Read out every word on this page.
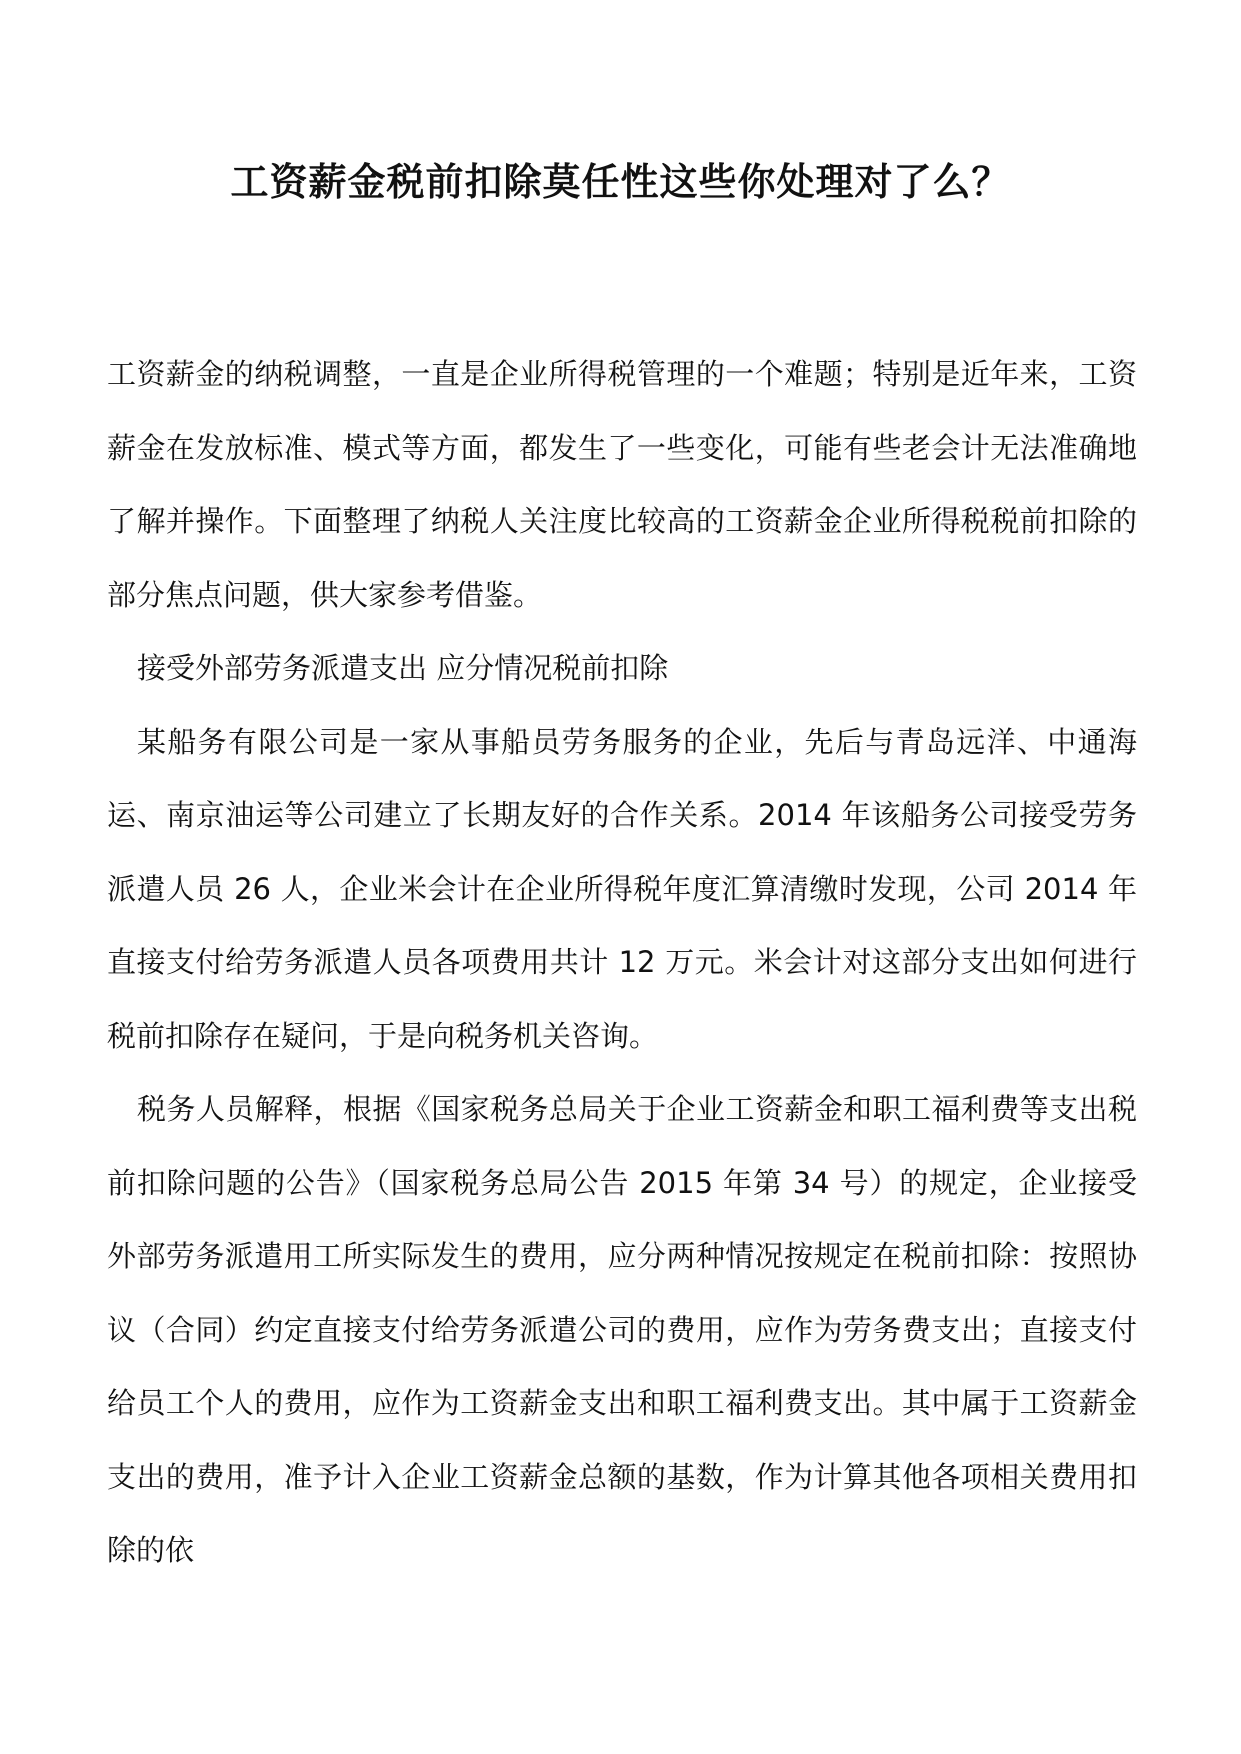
工资薪金税前扣除莫任性这些你处理对了么？

工资薪金的纳税调整，一直是企业所得税管理的一个难题；特别是近年来，工资薪金在发放标准、模式等方面，都发生了一些变化，可能有些老会计无法准确地了解并操作。下面整理了纳税人关注度比较高的工资薪金企业所得税税前扣除的部分焦点问题，供大家参考借鉴。

接受外部劳务派遣支出 应分情况税前扣除

某船务有限公司是一家从事船员劳务服务的企业，先后与青岛远洋、中通海运、南京油运等公司建立了长期友好的合作关系。2014 年该船务公司接受劳务派遣人员 26 人，企业米会计在企业所得税年度汇算清缴时发现，公司 2014 年直接支付给劳务派遣人员各项费用共计 12 万元。米会计对这部分支出如何进行税前扣除存在疑问，于是向税务机关咨询。

税务人员解释，根据《国家税务总局关于企业工资薪金和职工福利费等支出税前扣除问题的公告》（国家税务总局公告 2015 年第 34 号）的规定，企业接受外部劳务派遣用工所实际发生的费用，应分两种情况按规定在税前扣除：按照协议（合同）约定直接支付给劳务派遣公司的费用，应作为劳务费支出；直接支付给员工个人的费用，应作为工资薪金支出和职工福利费支出。其中属于工资薪金支出的费用，准予计入企业工资薪金总额的基数，作为计算其他各项相关费用扣除的依
